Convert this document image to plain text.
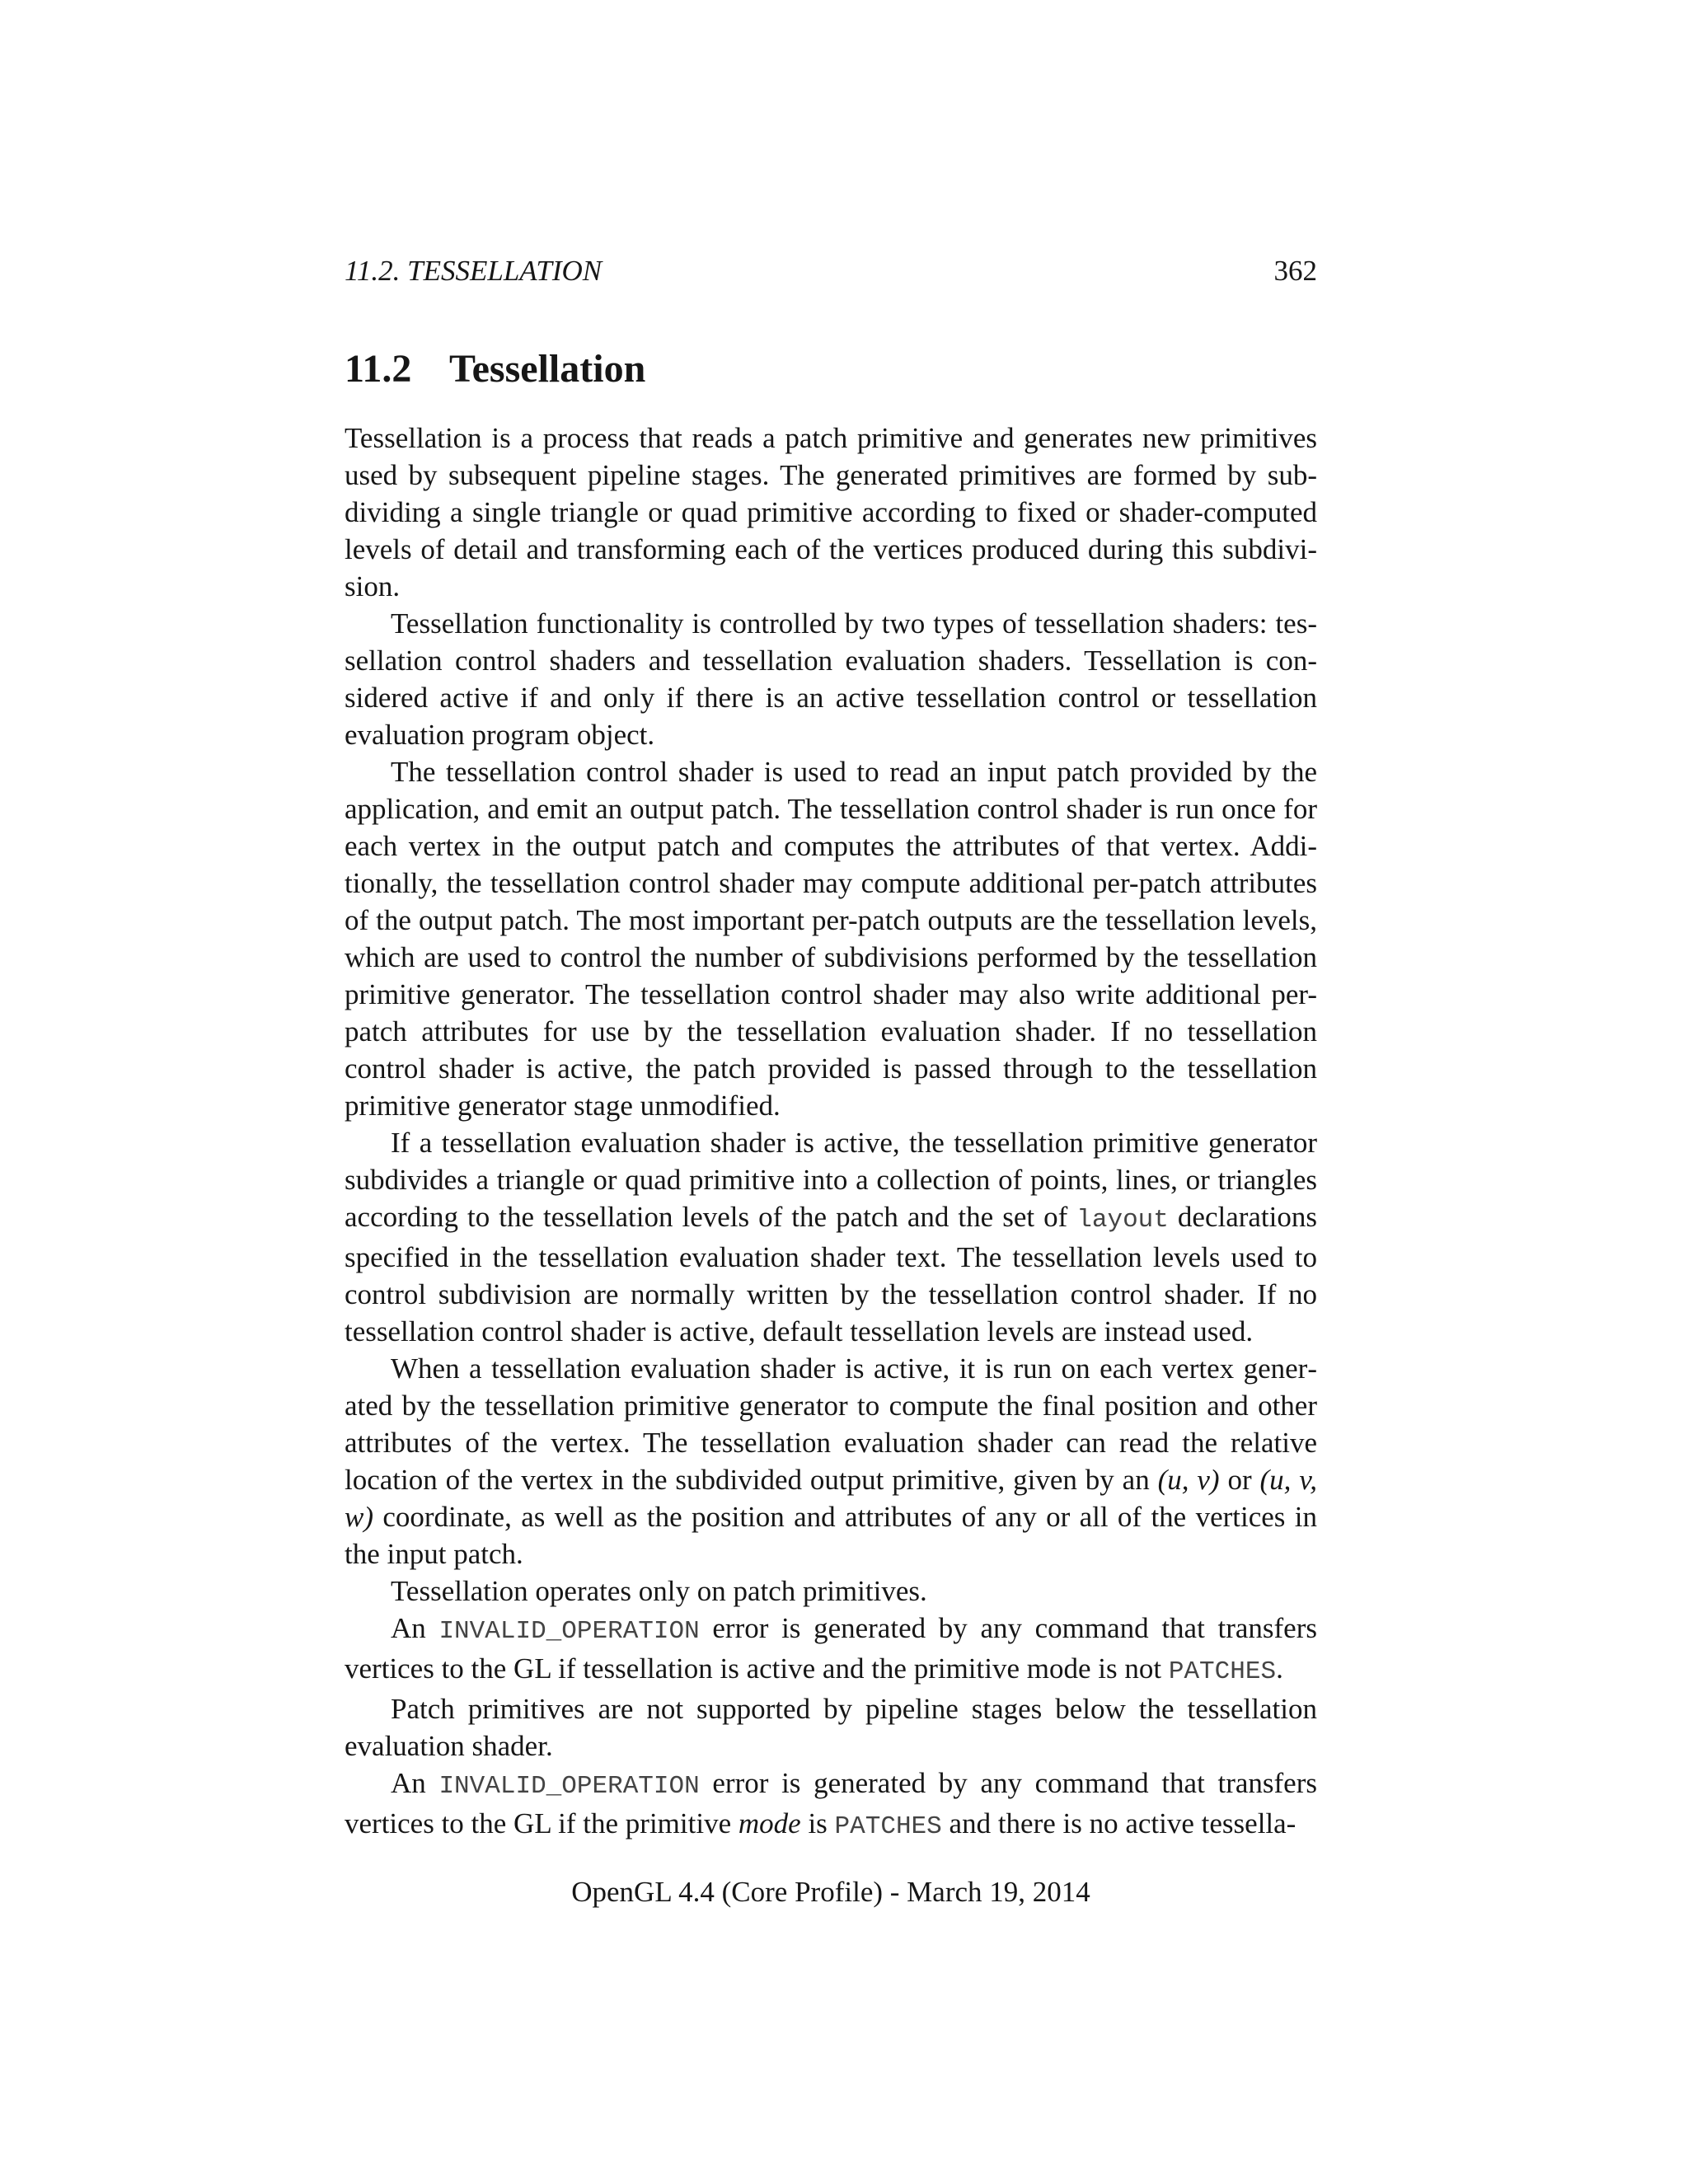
11.2. TESSELLATION	362
11.2 Tessellation

Tessellation is a process that reads a patch primitive and generates new primitives used by subsequent pipeline stages. The generated primitives are formed by subdividing a single triangle or quad primitive according to fixed or shader-computed levels of detail and transforming each of the vertices produced during this subdivision.

Tessellation functionality is controlled by two types of tessellation shaders: tessellation control shaders and tessellation evaluation shaders. Tessellation is considered active if and only if there is an active tessellation control or tessellation evaluation program object.

The tessellation control shader is used to read an input patch provided by the application, and emit an output patch. The tessellation control shader is run once for each vertex in the output patch and computes the attributes of that vertex. Additionally, the tessellation control shader may compute additional per-patch attributes of the output patch. The most important per-patch outputs are the tessellation levels, which are used to control the number of subdivisions performed by the tessellation primitive generator. The tessellation control shader may also write additional per-patch attributes for use by the tessellation evaluation shader. If no tessellation control shader is active, the patch provided is passed through to the tessellation primitive generator stage unmodified.

If a tessellation evaluation shader is active, the tessellation primitive generator subdivides a triangle or quad primitive into a collection of points, lines, or triangles according to the tessellation levels of the patch and the set of layout declarations specified in the tessellation evaluation shader text. The tessellation levels used to control subdivision are normally written by the tessellation control shader. If no tessellation control shader is active, default tessellation levels are instead used.

When a tessellation evaluation shader is active, it is run on each vertex generated by the tessellation primitive generator to compute the final position and other attributes of the vertex. The tessellation evaluation shader can read the relative location of the vertex in the subdivided output primitive, given by an (u, v) or (u, v, w) coordinate, as well as the position and attributes of any or all of the vertices in the input patch.

Tessellation operates only on patch primitives.

An INVALID_OPERATION error is generated by any command that transfers vertices to the GL if tessellation is active and the primitive mode is not PATCHES.

Patch primitives are not supported by pipeline stages below the tessellation evaluation shader.

An INVALID_OPERATION error is generated by any command that transfers vertices to the GL if the primitive mode is PATCHES and there is no active tessella-

OpenGL 4.4 (Core Profile) - March 19, 2014
